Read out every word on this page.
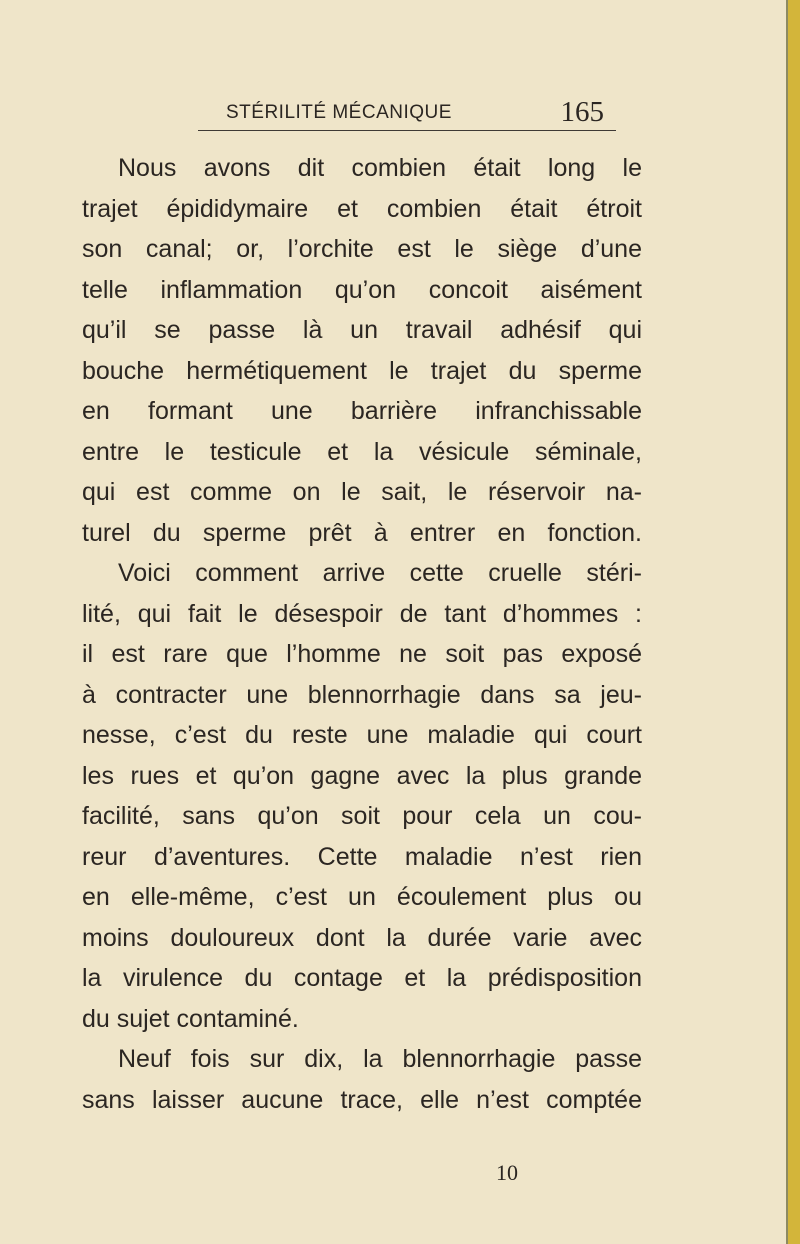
STÉRILITÉ MÉCANIQUE	165
Nous avons dit combien était long le
trajet épididymaire et combien était étroit
son canal; or, l’orchite est le siège d’une
telle inflammation qu’on concoit aisément
qu’il se passe là un travail adhésif qui
bouche hermétiquement le trajet du sperme
en formant une barrière infranchissable
entre le testicule et la vésicule séminale,
qui est comme on le sait, le réservoir na-
turel du sperme prêt à entrer en fonction.
Voici comment arrive cette cruelle stéri-
lité, qui fait le désespoir de tant d’hommes :
il est rare que l’homme ne soit pas exposé
à contracter une blennorrhagie dans sa jeu-
nesse, c’est du reste une maladie qui court
les rues et qu’on gagne avec la plus grande
facilité, sans qu’on soit pour cela un cou-
reur d’aventures. Cette maladie n’est rien
en elle-même, c’est un écoulement plus ou
moins douloureux dont la durée varie avec
la virulence du contage et la prédisposition
du sujet contaminé.
Neuf fois sur dix, la blennorrhagie passe
sans laisser aucune trace, elle n’est comptée
10
